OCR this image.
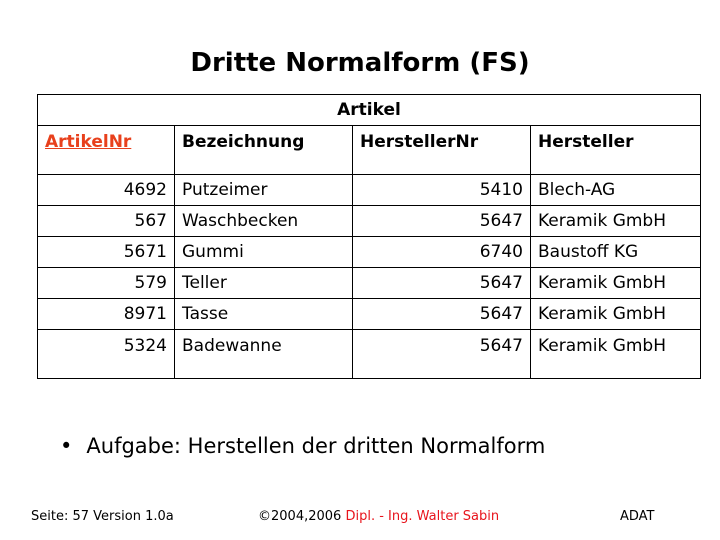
Dritte Normalform (FS)
Artikel			
ArtikelNr	Bezeichnung	HerstellerNr	Hersteller
4692	Putzeimer	5410	Blech-AG
567	Waschbecken	5647	Keramik GmbH
5671	Gummi	6740	Baustoff KG
579	Teller	5647	Keramik GmbH
8971	Tasse	5647	Keramik GmbH
5324	Badewanne	5647	Keramik GmbH
• Aufgabe: Herstellen der dritten Normalform
Seite: 57 Version 1.0a	©2004,2006 Dipl. - Ing. Walter Sabin	ADAT
